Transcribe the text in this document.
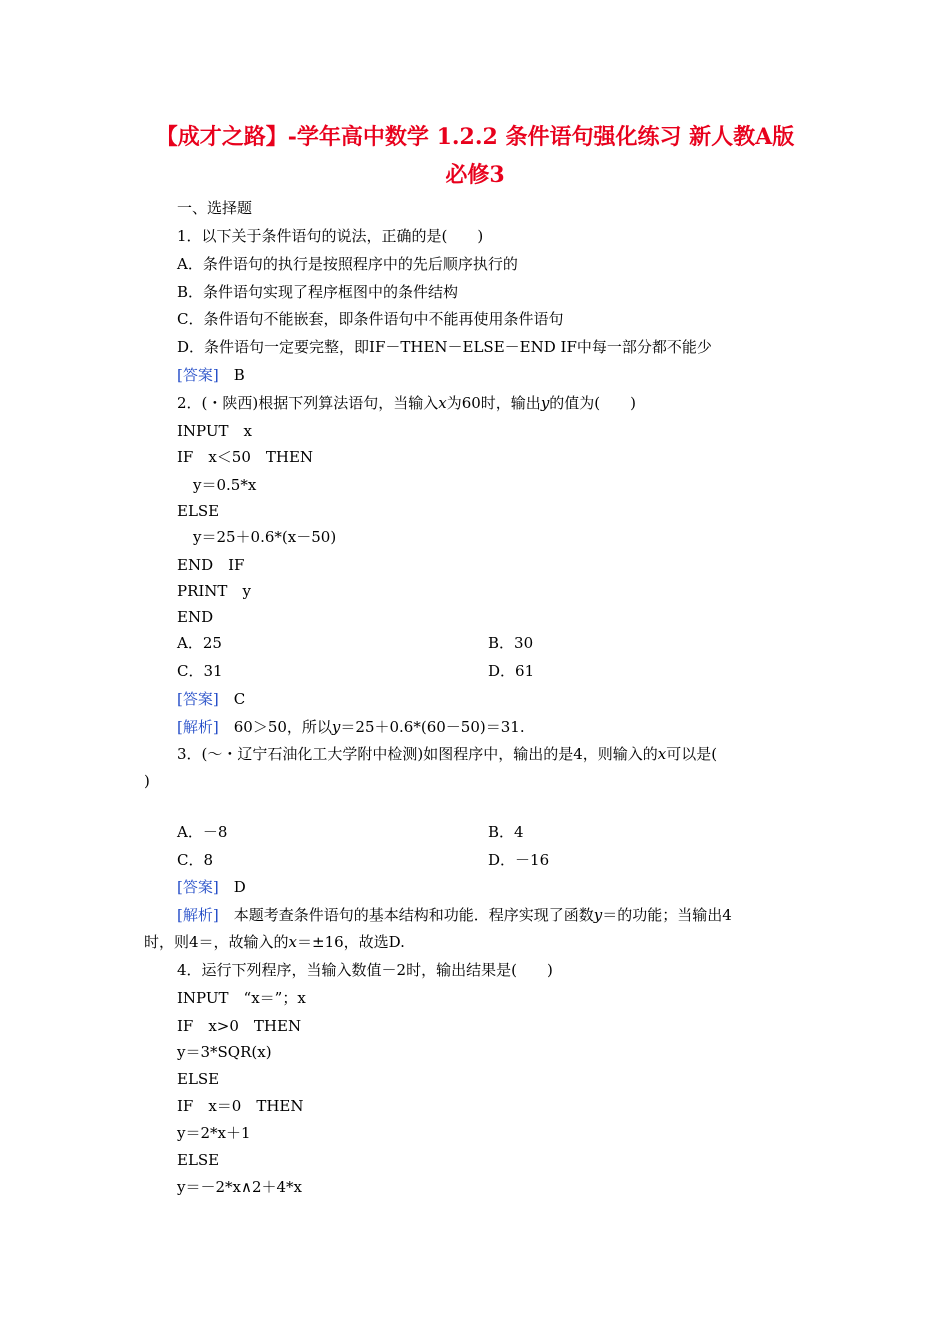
【成才之路】-学年高中数学 1.2.2 条件语句强化练习 新人教A版
必修3

一、选择题

1．以下关于条件语句的说法，正确的是(　　)

A．条件语句的执行是按照程序中的先后顺序执行的

B．条件语句实现了程序框图中的条件结构

C．条件语句不能嵌套，即条件语句中不能再使用条件语句

D．条件语句一定要完整，即IF－THEN－ELSE－END IF中每一部分都不能少

[答案]　 B

2．(・陕西)根据下列算法语句，当输入x为60时，输出y的值为(　　)

INPUT　x

IF　x＜50　THEN

y＝0.5*x

ELSE

y＝25＋0.6*(x－50)

END　IF

PRINT　y

END

A．25	B．30

C．31	D．61

[答案]　 C

[解析]　 60＞50，所以y＝25＋0.6*(60－50)＝31.

3．(～・辽宁石油化工大学附中检测)如图程序中，输出的是4，则输入的x可以是(

)

A．－8	B．4

C．8	D．－16

[答案]　 D

[解析]　 本题考查条件语句的基本结构和功能．程序实现了函数y＝的功能；当输出4

时，则4＝，故输入的x＝±16，故选D.

4．运行下列程序，当输入数值－2时，输出结果是(　　)

INPUT　“x＝”；x

IF　x>0　THEN

y＝3*SQR(x)

ELSE

IF　x＝0　THEN

y＝2*x＋1

ELSE

y＝－2*x∧2＋4*x
